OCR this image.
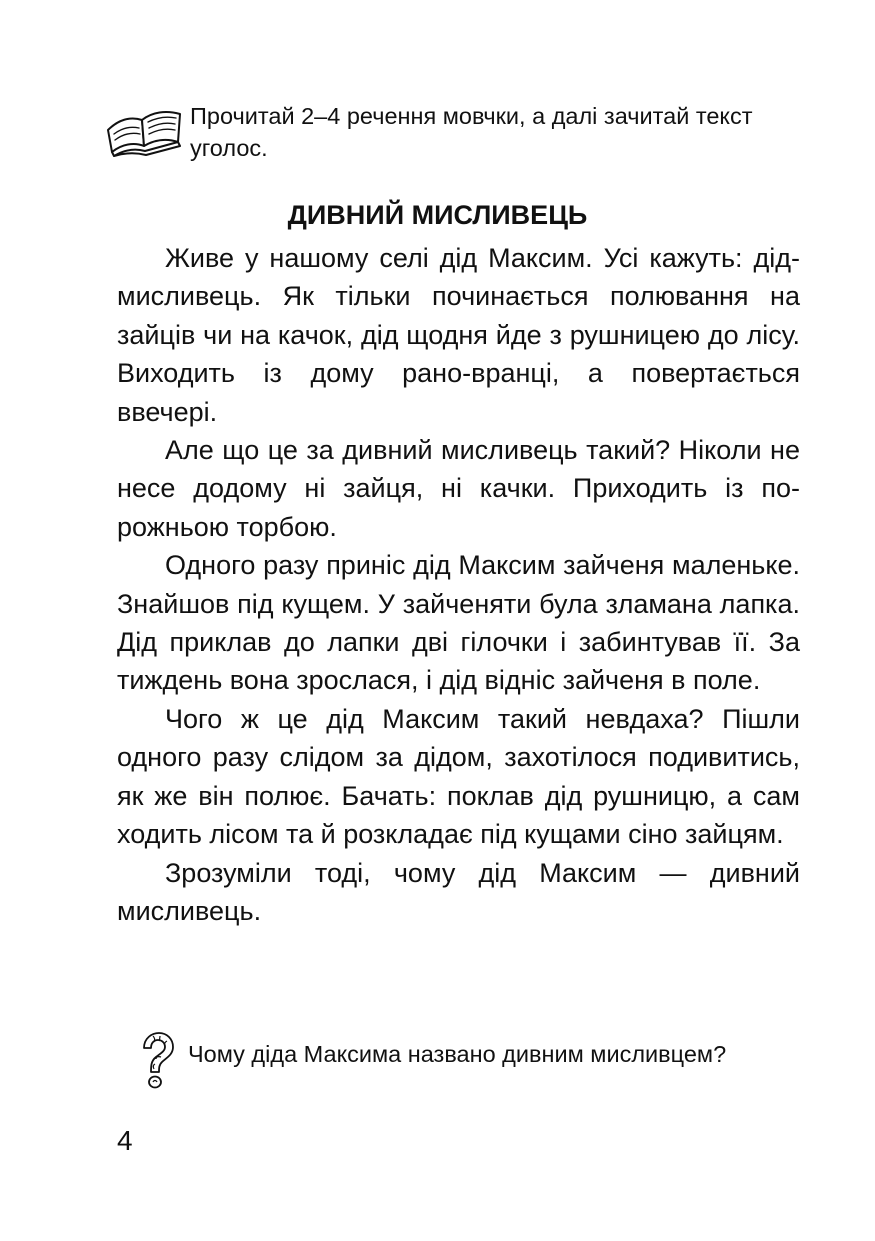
Прочитай 2–4 речення мовчки, а далі зачитай текст уголос.

ДИВНИЙ МИСЛИВЕЦЬ

Живе у нашому селі дід Максим. Усі кажуть: дід-мисливець. Як тільки починається полювання на зайців чи на качок, дід щодня йде з рушницею до лісу. Виходить із дому рано-вранці, а повертається ввечері.

Але що це за дивний мисливець такий? Ніколи не несе додому ні зайця, ні качки. Приходить із порожньою торбою.

Одного разу приніс дід Максим зайченя маленьке. Знайшов під кущем. У зайченяти була зламана лапка. Дід приклав до лапки дві гілочки і забинтував її. За тиждень вона зрослася, і дід відніс зайченя в поле.

Чого ж це дід Максим такий невдаха? Пішли одного разу слідом за дідом, захотілося подивитись, як же він полює. Бачать: поклав дід рушницю, а сам ходить лісом та й розкладає під кущами сіно зайцям.

Зрозуміли тоді, чому дід Максим — дивний мисливець.

Чому діда Максима названо дивним мисливцем?

4
